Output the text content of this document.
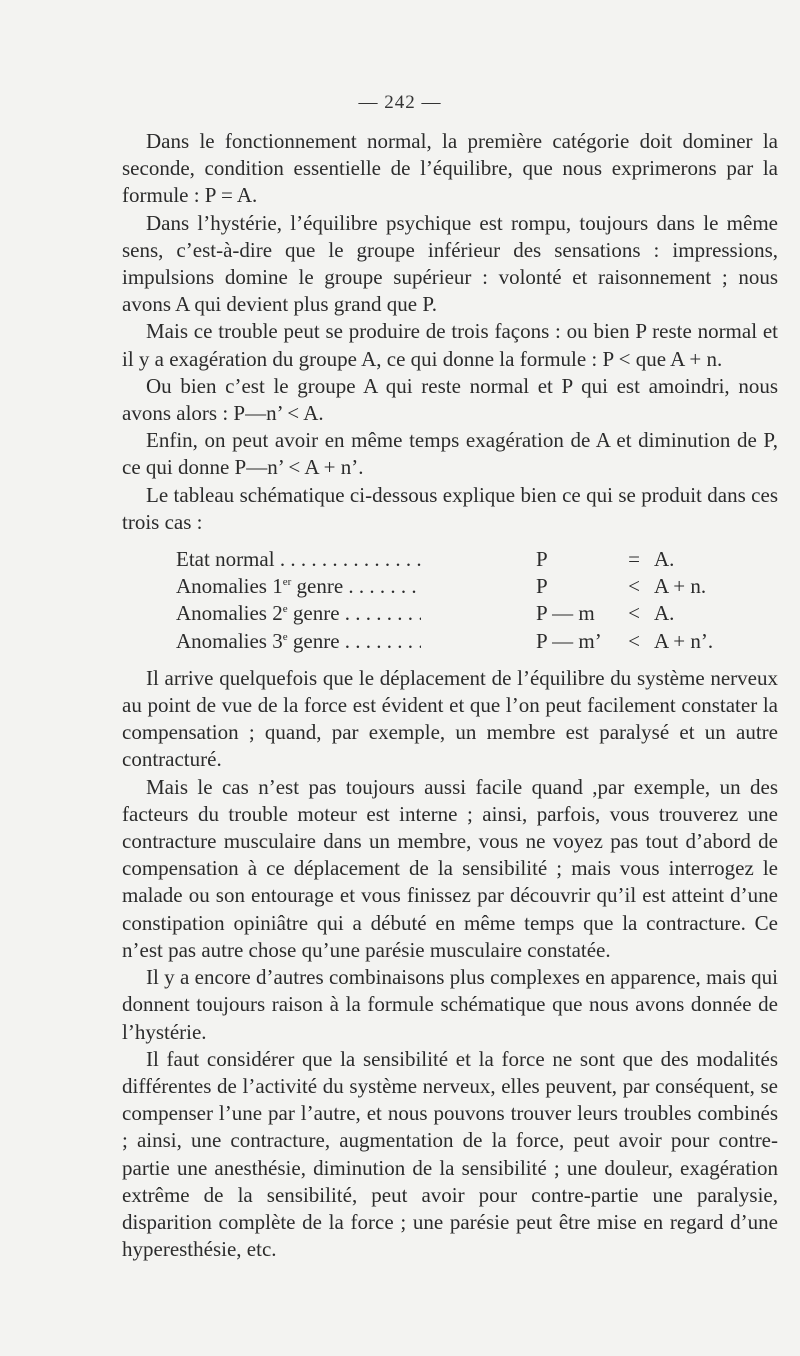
— 242 —

Dans le fonctionnement normal, la première catégorie doit dominer la seconde, condition essentielle de l’équilibre, que nous exprimerons par la formule : P = A.

Dans l’hystérie, l’équilibre psychique est rompu, toujours dans le même sens, c’est-à-dire que le groupe inférieur des sensations : impressions, impulsions domine le groupe supérieur : volonté et raisonnement ; nous avons A qui devient plus grand que P.

Mais ce trouble peut se produire de trois façons : ou bien P reste normal et il y a exagération du groupe A, ce qui donne la formule : P < que A + n.

Ou bien c’est le groupe A qui reste normal et P qui est amoindri, nous avons alors : P—n’ < A.

Enfin, on peut avoir en même temps exagération de A et diminution de P, ce qui donne P—n’ < A + n’.

Le tableau schématique ci-dessous explique bien ce qui se produit dans ces trois cas :

Etat normal . . .	P	= A.
Anomalies 1er genre . . .	P	< A + n.
Anomalies 2e genre . . .	P — m	< A.
Anomalies 3e genre . . .	P — m’	< A + n’.

Il arrive quelquefois que le déplacement de l’équilibre du système nerveux au point de vue de la force est évident et que l’on peut facilement constater la compensation ; quand, par exemple, un membre est paralysé et un autre contracturé.

Mais le cas n’est pas toujours aussi facile quand ,par exemple, un des facteurs du trouble moteur est interne ; ainsi, parfois, vous trouverez une contracture musculaire dans un membre, vous ne voyez pas tout d’abord de compensation à ce déplacement de la sensibilité ; mais vous interrogez le malade ou son entourage et vous finissez par découvrir qu’il est atteint d’une constipation opiniâtre qui a débuté en même temps que la contracture. Ce n’est pas autre chose qu’une parésie musculaire constatée.

Il y a encore d’autres combinaisons plus complexes en apparence, mais qui donnent toujours raison à la formule schématique que nous avons donnée de l’hystérie.

Il faut considérer que la sensibilité et la force ne sont que des modalités différentes de l’activité du système nerveux, elles peuvent, par conséquent, se compenser l’une par l’autre, et nous pouvons trouver leurs troubles combinés ; ainsi, une contracture, augmentation de la force, peut avoir pour contre-partie une anesthésie, diminution de la sensibilité ; une douleur, exagération extrême de la sensibilité, peut avoir pour contre-partie une paralysie, disparition complète de la force ; une parésie peut être mise en regard d’une hyperesthésie, etc.
